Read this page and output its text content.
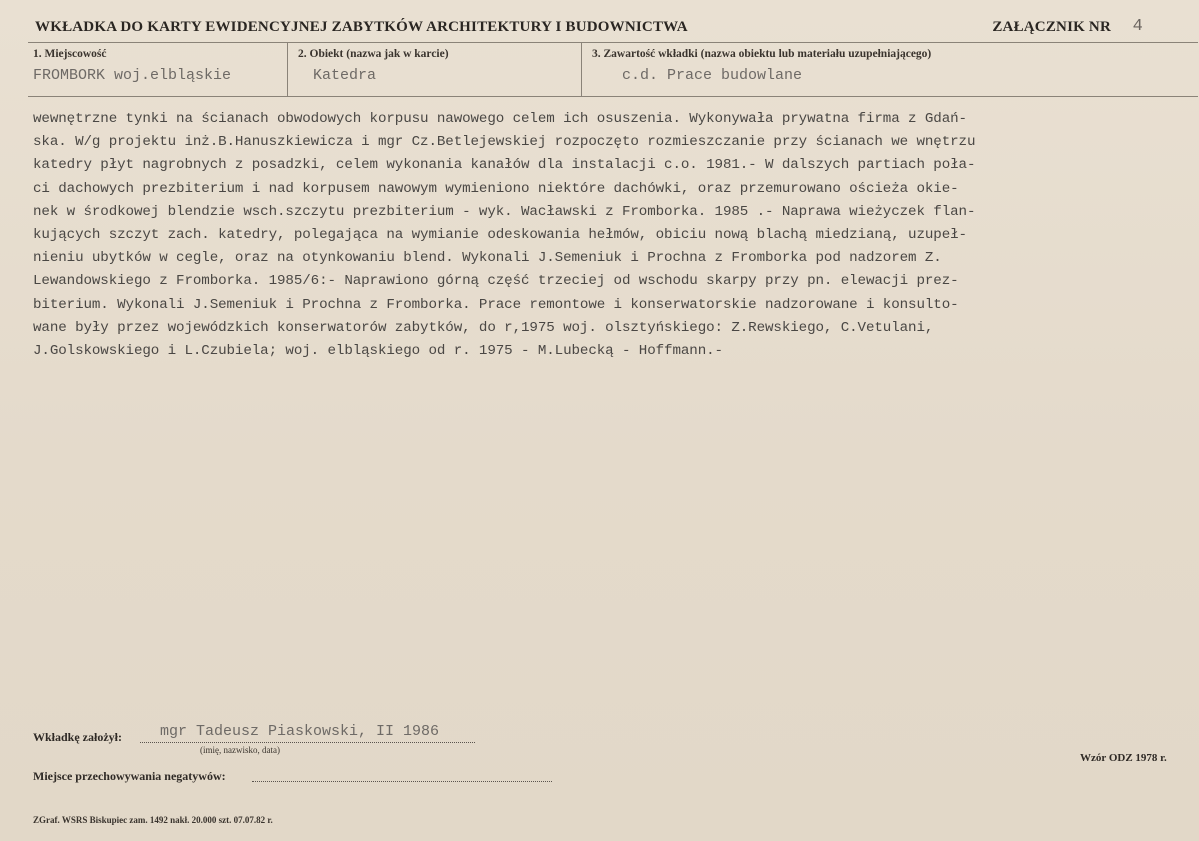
WKŁADKA DO KARTY EWIDENCYJNEJ ZABYTKÓW ARCHITEKTURY I BUDOWNICTWA	ZAŁĄCZNIK NR 4
1. Miejscowość
FROMBORK woj.elbląskie
2. Obiekt (nazwa jak w karcie)
Katedra
3. Zawartość wkładki (nazwa obiektu lub materiału uzupełniającego)
c.d. Prace budowlane
wewnętrzne tynki na ścianach obwodowych korpusu nawowego celem ich osuszenia. Wykonywała prywatna firma z Gdań-
ska. W/g projektu inż.B.Hanuszkiewicza i mgr Cz.Betlejewskiej rozpoczęto rozmieszczanie przy ścianach we wnętrzu
katedry płyt nagrobnych z posadzki, celem wykonania kanałów dla instalacji c.o. 1981.- W dalszych partiach poła-
ci dachowych prezbiterium i nad korpusem nawowym wymieniono niektóre dachówki, oraz przemurowano ościeża okie-
nek w środkowej blendzie wsch.szczytu prezbiterium - wyk. Wacławski z Fromborka. 1985 .- Naprawa wieżyczek flan-
kujących szczyt zach. katedry, polegająca na wymianie odeskowania hełmów, obiciu nową blachą miedzianą, uzupeł-
nieniu ubytków w cegle, oraz na otynkowaniu blend. Wykonali J.Semeniuk i Prochna z Fromborka pod nadzorem Z.
Lewandowskiego z Fromborka. 1985/6:- Naprawiono górną część trzeciej od wschodu skarpy przy pn. elewacji prez-
biterium. Wykonali J.Semeniuk i Prochna z Fromborka. Prace remontowe i konserwatorskie nadzorowane i konsulto-
wane były przez wojewódzkich konserwatorów zabytków, do r,1975 woj. olsztyńskiego: Z.Rewskiego, C.Vetulani,
J.Golskowskiego i L.Czubiela; woj. elbląskiego od r. 1975 - M.Lubecką - Hoffmann.-
Wkładkę założył:	mgr Tadeusz Piaskowski, II 1986
(imię, nazwisko, data)
Wzór ODZ 1978 r.
Miejsce przechowywania negatywów:
ZGraf. WSRS Biskupiec zam. 1492 nakł. 20.000 szt. 07.07.82 r.
